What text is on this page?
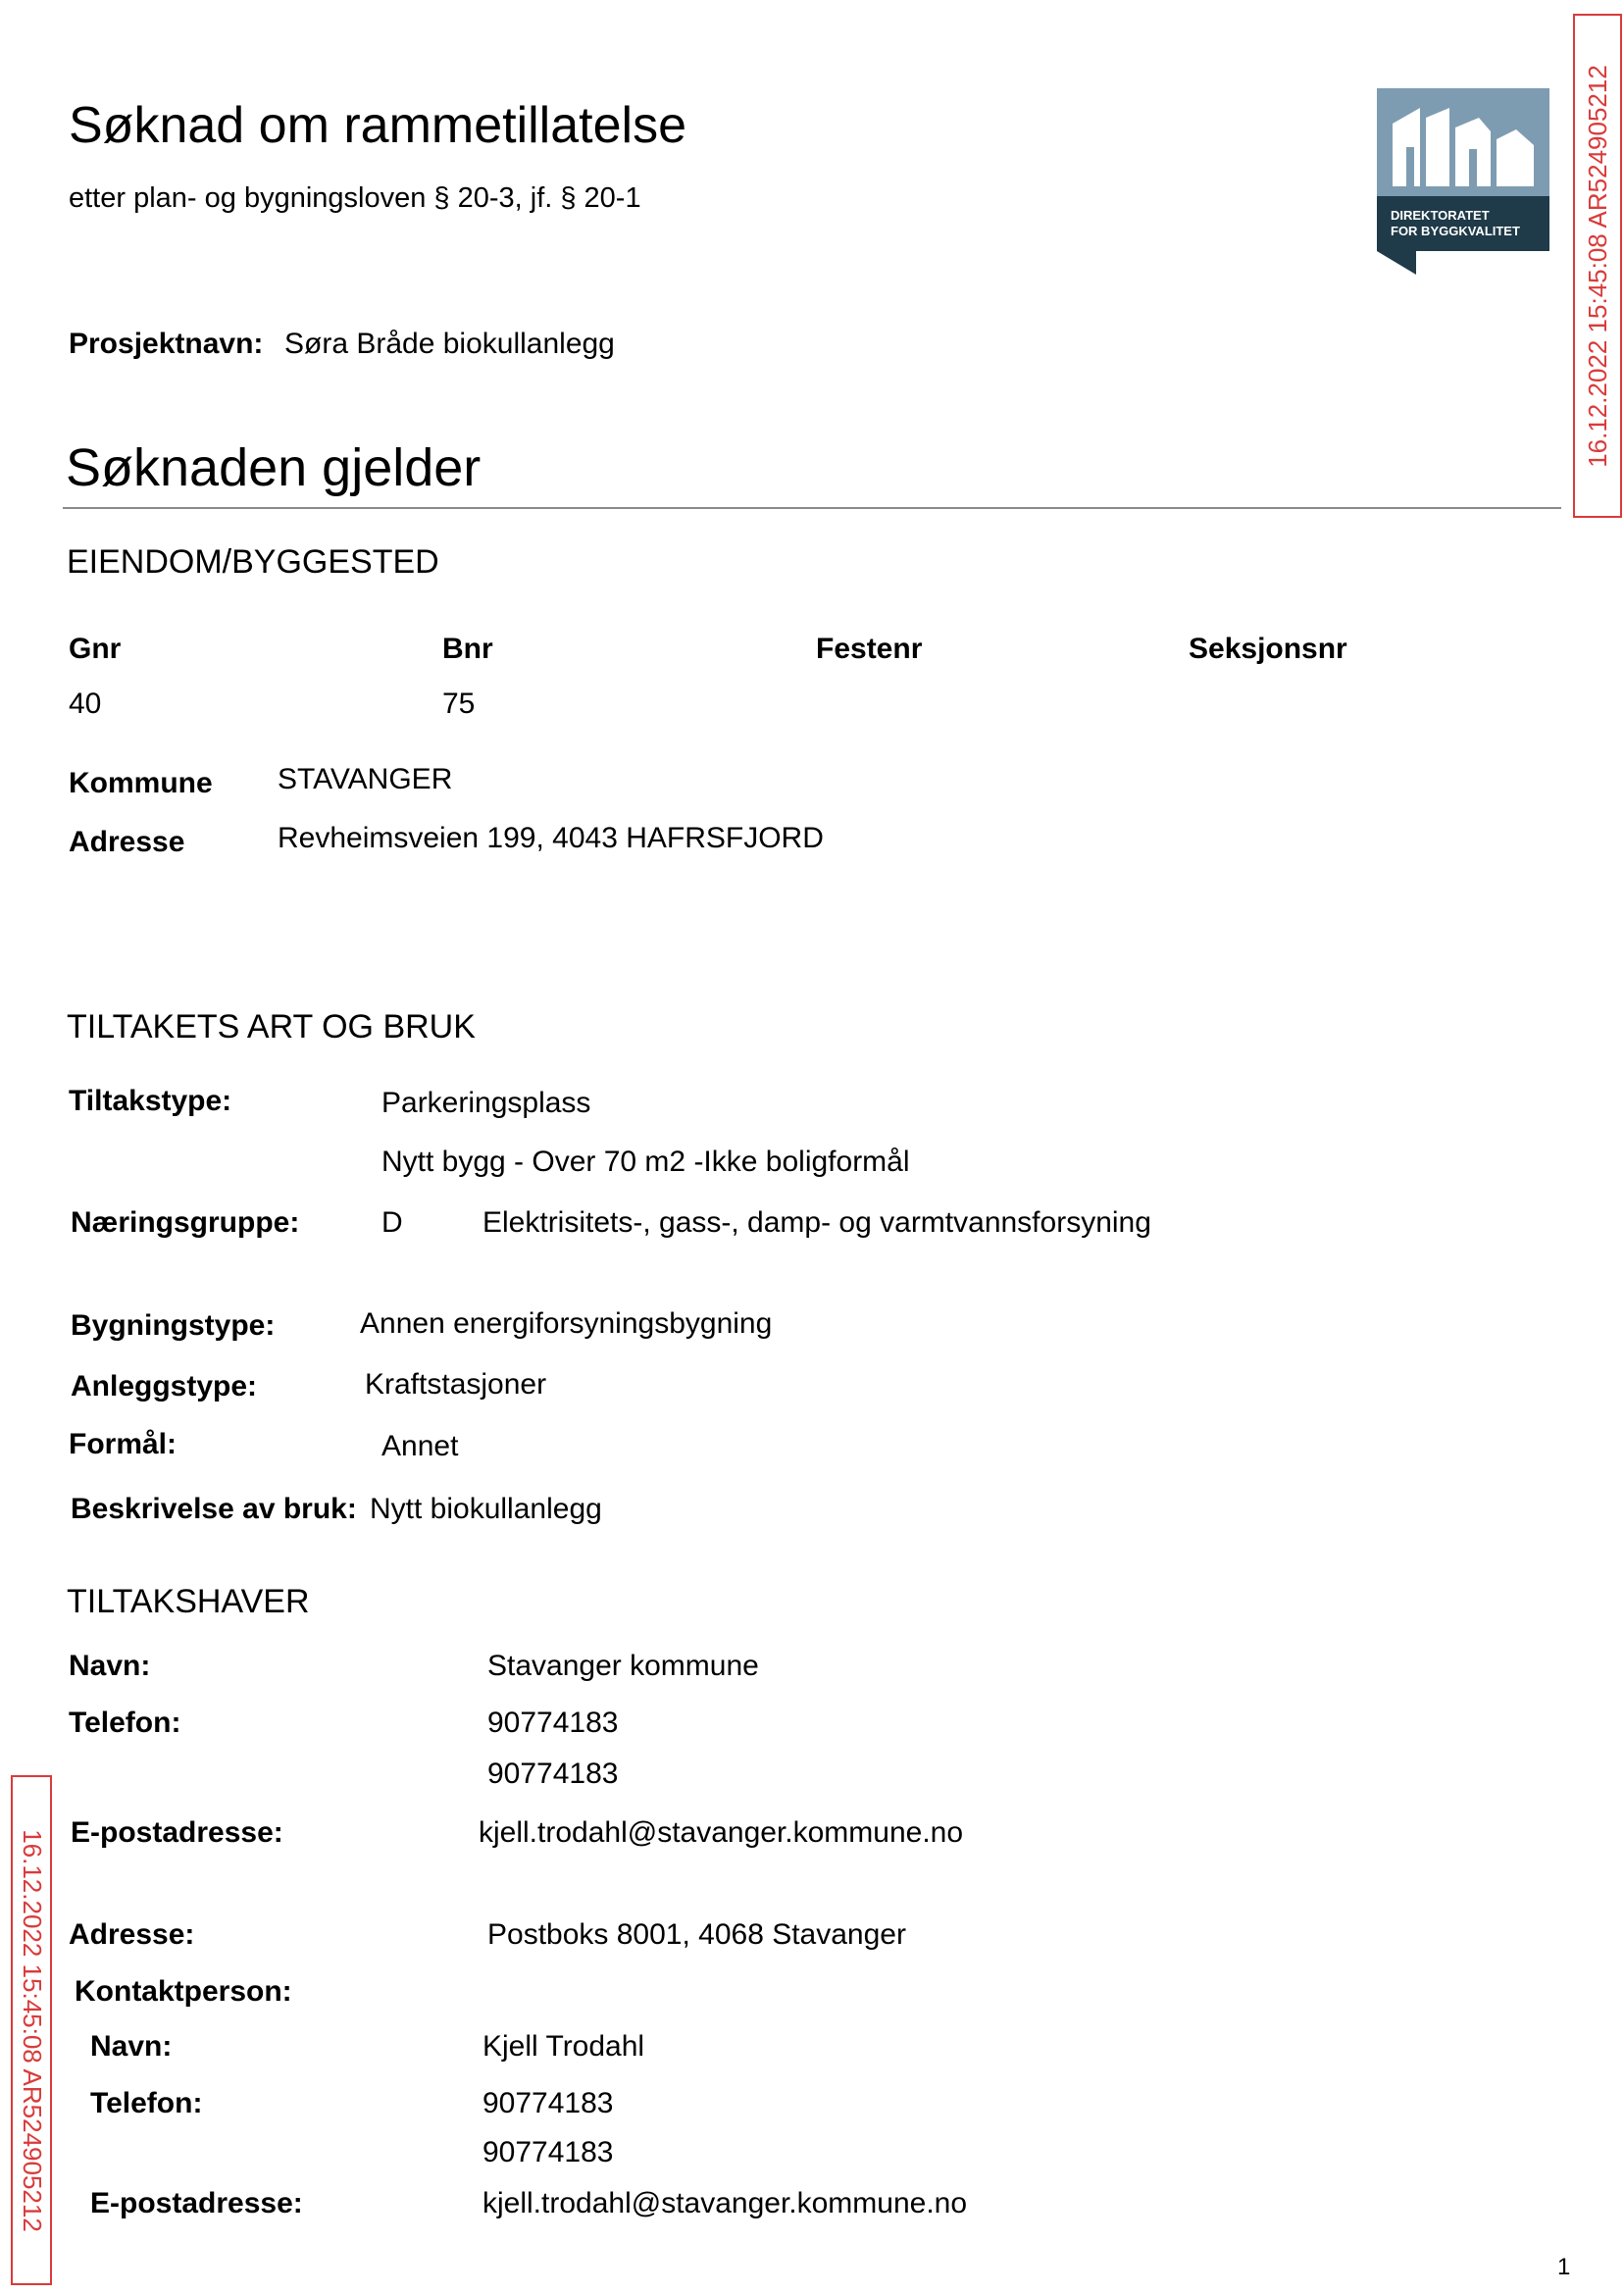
16.12.2022 15:45:08 AR524905212
16.12.2022 15:45:08 AR524905212
DIREKTORATET
FOR BYGGKVALITET
Søknad om rammetillatelse
etter plan- og bygningsloven § 20-3, jf. § 20-1
Prosjektnavn: Søra Bråde biokullanlegg
Søknaden gjelder
EIENDOM/BYGGESTED
Gnr	Bnr	Festenr	Seksjonsnr
40	75
Kommune STAVANGER
Adresse	Revheimsveien 199, 4043 HAFRSFJORD
TILTAKETS ART OG BRUK
Tiltakstype:	Parkeringsplass
Nytt bygg - Over 70 m2 -Ikke boligformål
Næringsgruppe:	D	Elektrisitets-, gass-, damp- og varmtvannsforsyning
Bygningstype:	Annen energiforsyningsbygning
Anleggstype:	Kraftstasjoner
Formål:	Annet
Beskrivelse av bruk: Nytt biokullanlegg
TILTAKSHAVER
Navn:	Stavanger kommune
Telefon:	90774183
90774183
E-postadresse:	kjell.trodahl@stavanger.kommune.no
Adresse:	Postboks 8001, 4068 Stavanger
Kontaktperson:
Navn:	Kjell Trodahl
Telefon:	90774183
90774183
E-postadresse:	kjell.trodahl@stavanger.kommune.no
1
